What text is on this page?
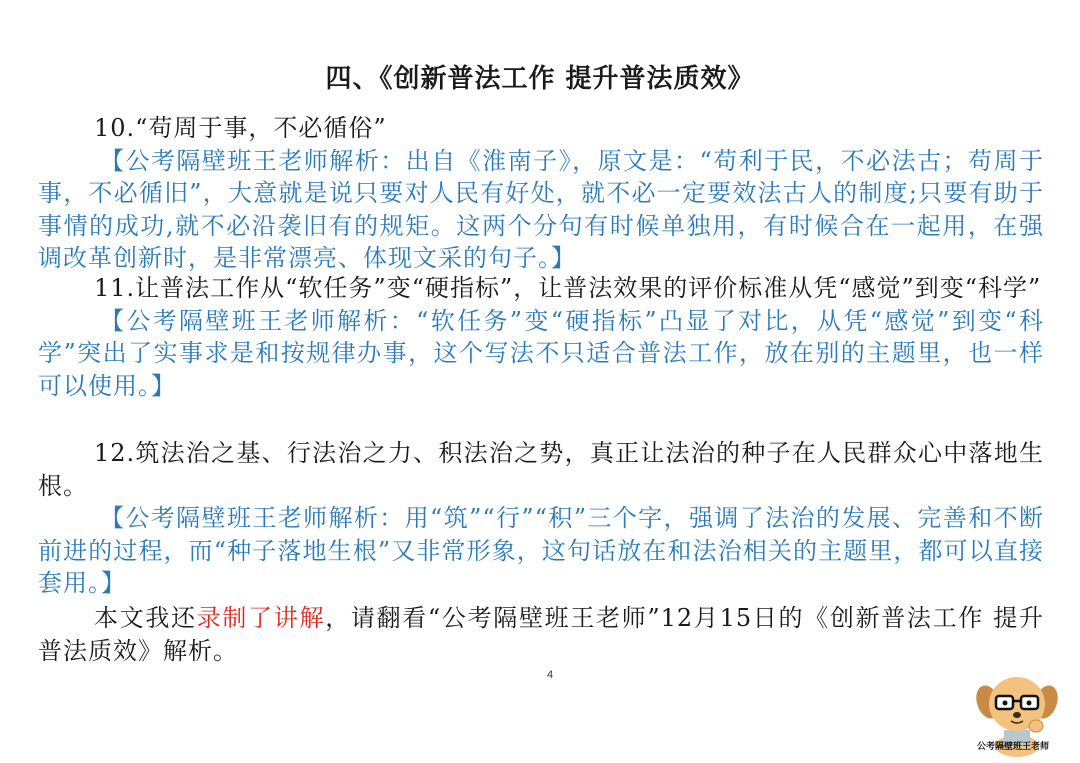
四、《创新普法工作 提升普法质效》

10.“苟周于事，不必循俗”

【公考隔壁班王老师解析：出自《淮南子》，原文是：“苟利于民，不必法古；苟周于事，不必循旧”，大意就是说只要对人民有好处，就不必一定要效法古人的制度;只要有助于事情的成功,就不必沿袭旧有的规矩。这两个分句有时候单独用，有时候合在一起用，在强调改革创新时，是非常漂亮、体现文采的句子。】

11.让普法工作从“软任务”变“硬指标”，让普法效果的评价标准从凭“感觉”到变“科学”

【公考隔壁班王老师解析：“软任务”变“硬指标”凸显了对比，从凭“感觉”到变“科学”突出了实事求是和按规律办事，这个写法不只适合普法工作，放在别的主题里，也一样可以使用。】

12.筑法治之基、行法治之力、积法治之势，真正让法治的种子在人民群众心中落地生根。

【公考隔壁班王老师解析：用“筑”“行”“积”三个字，强调了法治的发展、完善和不断前进的过程，而“种子落地生根”又非常形象，这句话放在和法治相关的主题里，都可以直接套用。】

本文我还录制了讲解，请翻看“公考隔壁班王老师”12月15日的《创新普法工作 提升普法质效》解析。

4
公考隔壁班王老师
